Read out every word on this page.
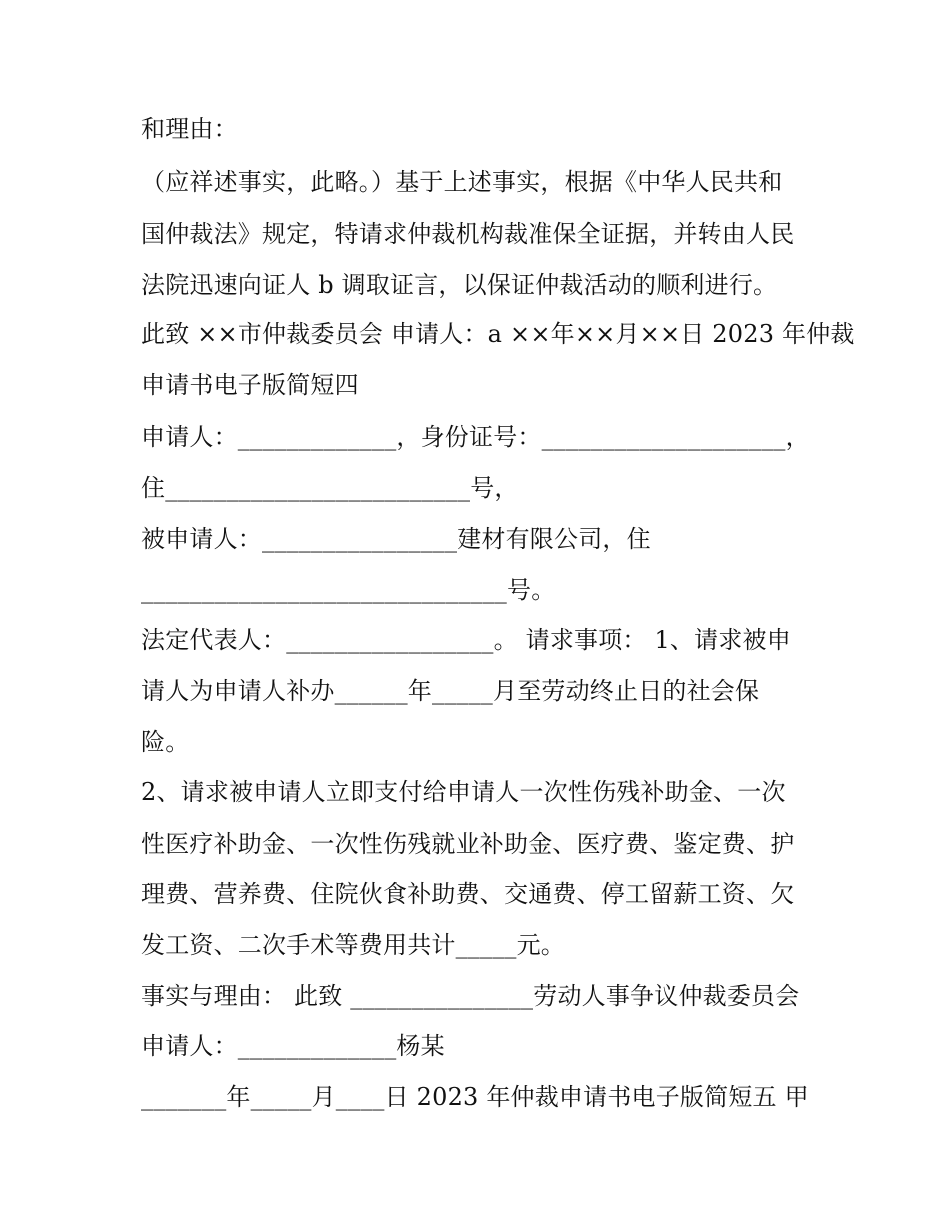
和理由：
（应祥述事实，此略。）基于上述事实，根据《中华人民共和
国仲裁法》规定，特请求仲裁机构裁准保全证据，并转由人民
法院迅速向证人 b 调取证言，以保证仲裁活动的顺利进行。
此致 ××市仲裁委员会 申请人：a ××年××月××日 2023 年仲裁
申请书电子版简短四
申请人：_____________，身份证号：____________________，
住_________________________号，
被申请人：________________建材有限公司，住
______________________________号。
法定代表人：_________________。 请求事项： 1、请求被申
请人为申请人补办______年_____月至劳动终止日的社会保
险。
2、请求被申请人立即支付给申请人一次性伤残补助金、一次
性医疗补助金、一次性伤残就业补助金、医疗费、鉴定费、护
理费、营养费、住院伙食补助费、交通费、停工留薪工资、欠
发工资、二次手术等费用共计_____元。
事实与理由： 此致 _______________劳动人事争议仲裁委员会
申请人：_____________杨某
_______年_____月____日 2023 年仲裁申请书电子版简短五 甲
